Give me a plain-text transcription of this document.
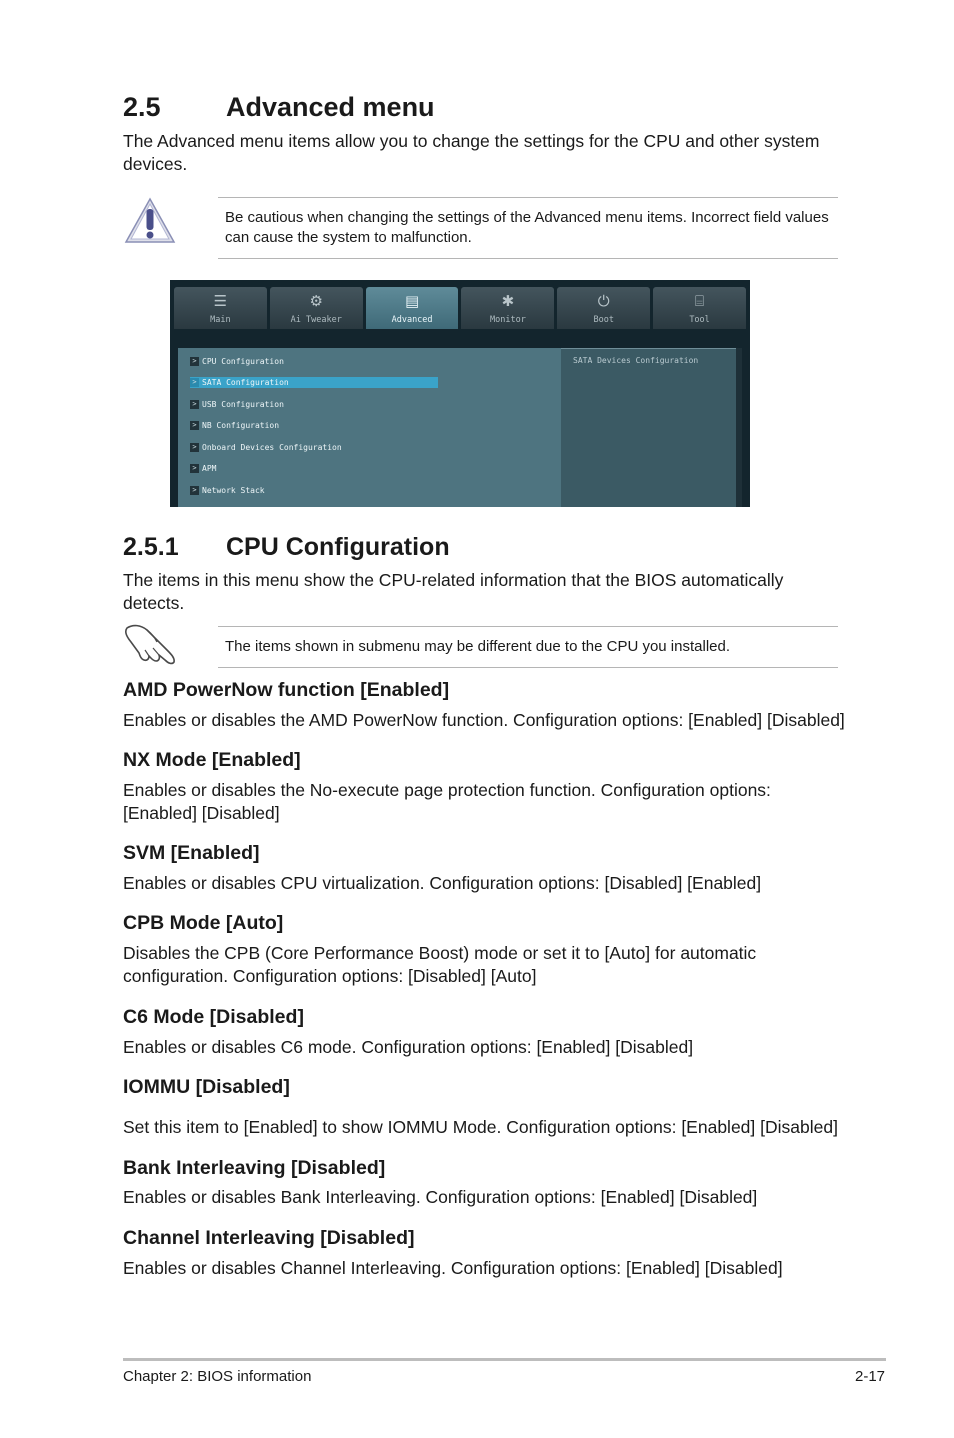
2.5 Advanced menu

The Advanced menu items allow you to change the settings for the CPU and other system devices.

Be cautious when changing the settings of the Advanced menu items. Incorrect field values can cause the system to malfunction.

☰
Main
⚙
Ai Tweaker
▤
Advanced
✱
Monitor
⏻
Boot
⌸
Tool
SATA Devices Configuration
> CPU Configuration
> SATA Configuration
> USB Configuration
> NB Configuration
> Onboard Devices Configuration
> APM
> Network Stack
2.5.1 CPU Configuration

The items in this menu show the CPU-related information that the BIOS automatically detects.

The items shown in submenu may be different due to the CPU you installed.

AMD PowerNow function [Enabled]

Enables or disables the AMD PowerNow function. Configuration options: [Enabled] [Disabled]

NX Mode [Enabled]

Enables or disables the No-execute page protection function. Configuration options: [Enabled] [Disabled]

SVM [Enabled]

Enables or disables CPU virtualization. Configuration options: [Disabled] [Enabled]

CPB Mode [Auto]

Disables the CPB (Core Performance Boost) mode or set it to [Auto] for automatic configuration. Configuration options: [Disabled] [Auto]

C6 Mode [Disabled]

Enables or disables C6 mode. Configuration options: [Enabled] [Disabled]

IOMMU [Disabled]

Set this item to [Enabled] to show IOMMU Mode. Configuration options: [Enabled] [Disabled]

Bank Interleaving [Disabled]

Enables or disables Bank Interleaving. Configuration options: [Enabled] [Disabled]

Channel Interleaving [Disabled]

Enables or disables Channel Interleaving. Configuration options: [Enabled] [Disabled]

Chapter 2: BIOS information	2-17
